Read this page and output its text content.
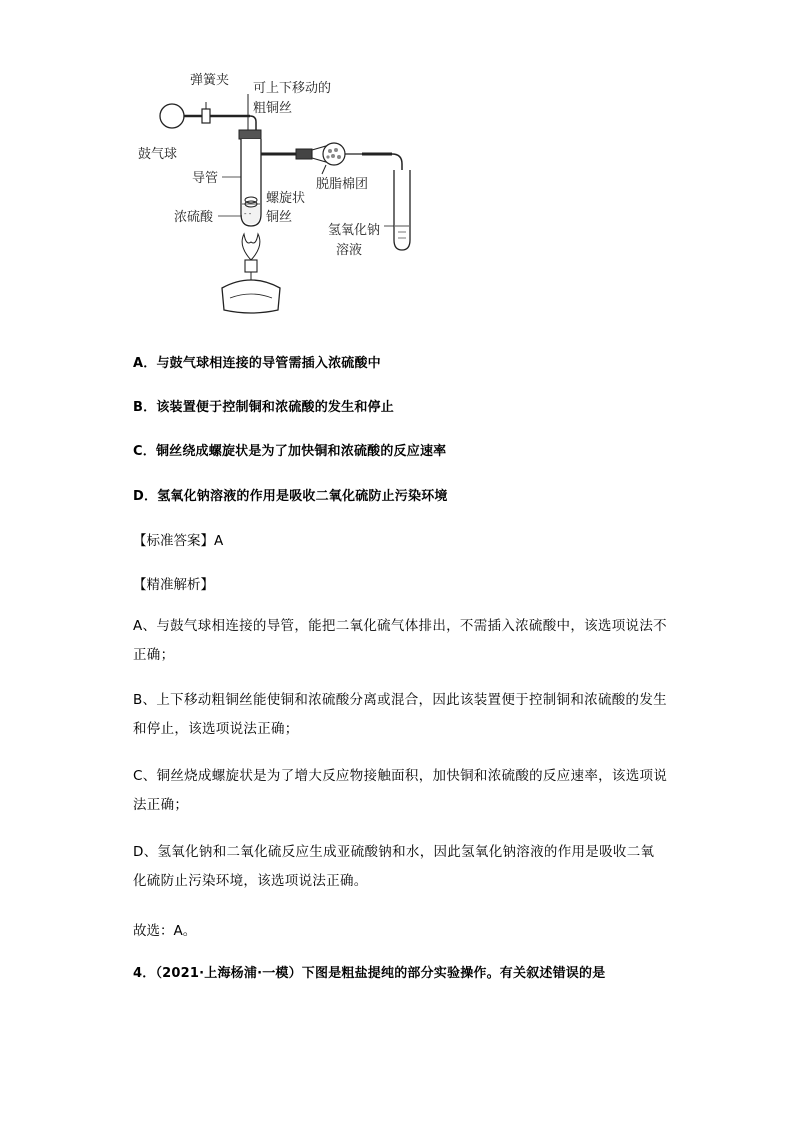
- -
弹簧夹
可上下移动的
粗铜丝
鼓气球
导管
螺旋状
铜丝
浓硫酸
脱脂棉团
氢氧化钠
溶液
A．与鼓气球相连接的导管需插入浓硫酸中
B．该装置便于控制铜和浓硫酸的发生和停止
C．铜丝绕成螺旋状是为了加快铜和浓硫酸的反应速率
D．氢氧化钠溶液的作用是吸收二氧化硫防止污染环境
【标准答案】A
【精准解析】
A、与鼓气球相连接的导管，能把二氧化硫气体排出，不需插入浓硫酸中，该选项说法不正确；
B、上下移动粗铜丝能使铜和浓硫酸分离或混合，因此该装置便于控制铜和浓硫酸的发生和停止，该选项说法正确；
C、铜丝烧成螺旋状是为了增大反应物接触面积，加快铜和浓硫酸的反应速率，该选项说法正确；
D、氢氧化钠和二氧化硫反应生成亚硫酸钠和水，因此氢氧化钠溶液的作用是吸收二氧化硫防止污染环境，该选项说法正确。
故选：A。
4．（2021·上海杨浦·一模）下图是粗盐提纯的部分实验操作。有关叙述错误的是
